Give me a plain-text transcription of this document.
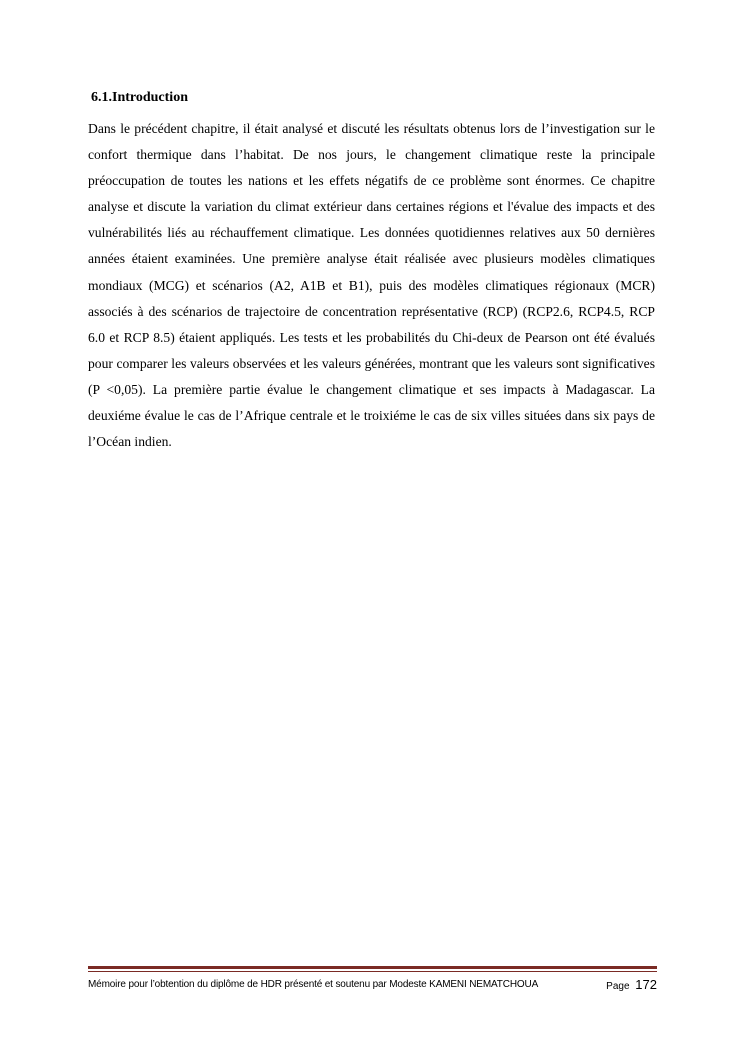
6.1.Introduction

Dans le précédent chapitre, il était analysé et discuté les résultats obtenus lors de l’investigation sur le confort thermique dans l’habitat. De nos jours, le changement climatique reste la principale préoccupation de toutes les nations et les effets négatifs de ce problème sont énormes. Ce chapitre analyse et discute la variation du climat extérieur dans certaines régions et l'évalue des impacts et des vulnérabilités liés au réchauffement climatique. Les données quotidiennes relatives aux 50 dernières années étaient examinées. Une première analyse était réalisée avec plusieurs modèles climatiques mondiaux (MCG) et scénarios (A2, A1B et B1), puis des modèles climatiques régionaux (MCR) associés à des scénarios de trajectoire de concentration représentative (RCP) (RCP2.6, RCP4.5, RCP 6.0 et RCP 8.5) étaient appliqués. Les tests et les probabilités du Chi-deux de Pearson ont été évalués pour comparer les valeurs observées et les valeurs générées, montrant que les valeurs sont significatives (P <0,05). La première partie évalue le changement climatique et ses impacts à Madagascar. La deuxiéme évalue le cas de l’Afrique centrale et le troixiéme le cas de six villes situées dans six pays de l’Océan indien.

Mémoire pour l’obtention du diplôme de HDR présenté et soutenu par Modeste KAMENI NEMATCHOUA	Page 172
